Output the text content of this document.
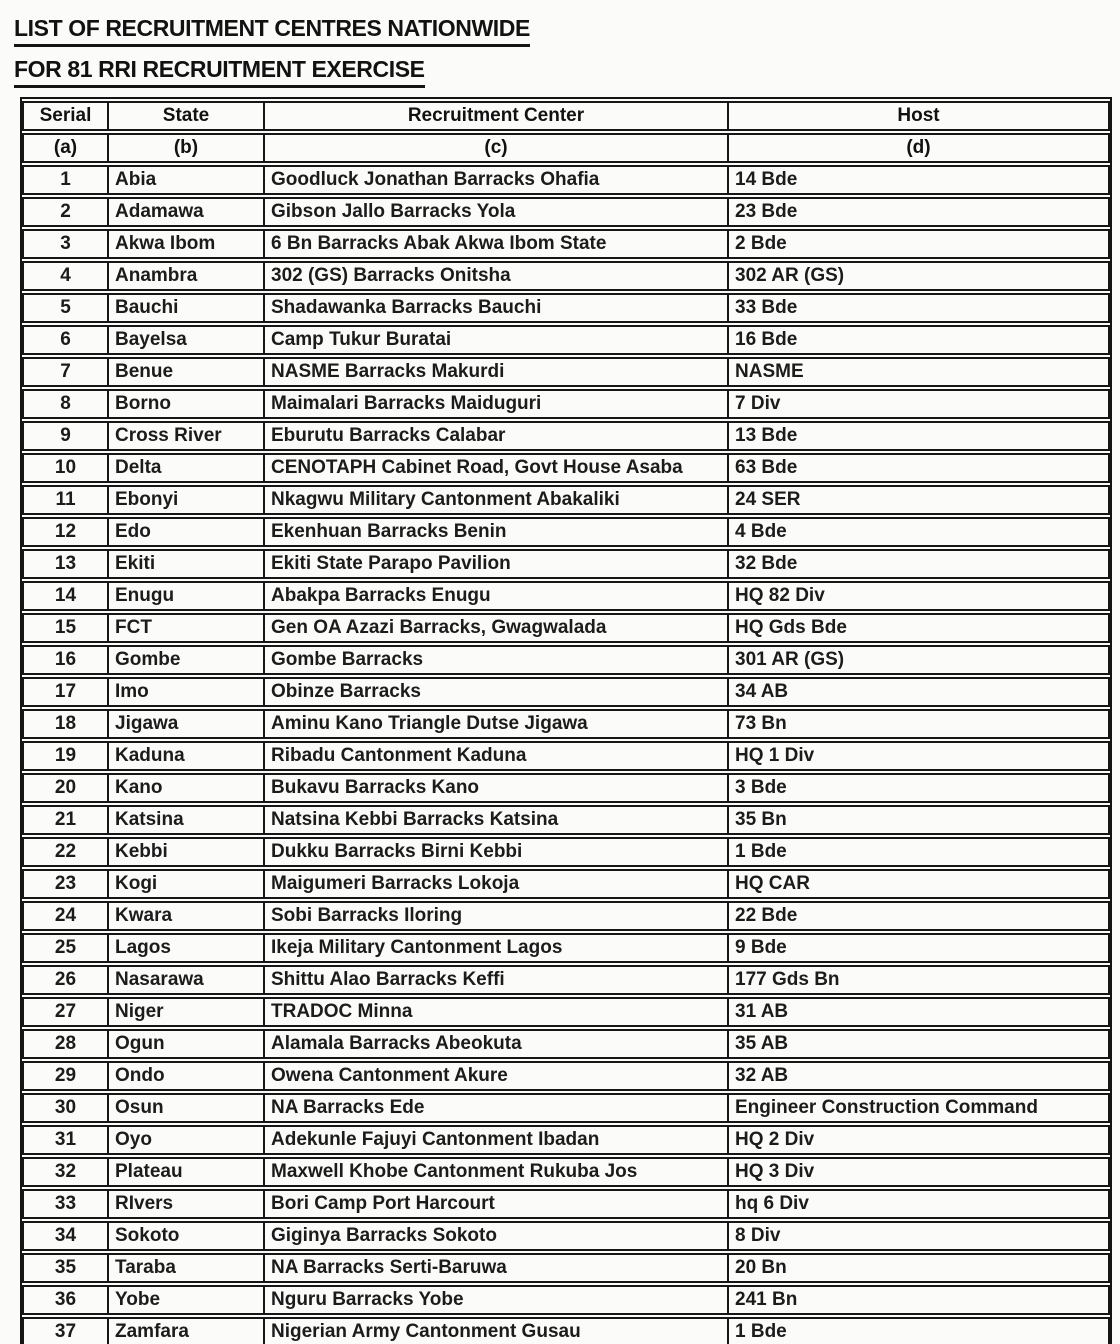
LIST OF RECRUITMENT CENTRES NATIONWIDE
FOR 81 RRI RECRUITMENT EXERCISE
Serial	State	Recruitment Center	Host
(a)	(b)	(c)	(d)
1	Abia	Goodluck Jonathan Barracks Ohafia	14 Bde
2	Adamawa	Gibson Jallo Barracks Yola	23 Bde
3	Akwa Ibom	6 Bn Barracks Abak Akwa Ibom State	2 Bde
4	Anambra	302 (GS) Barracks Onitsha	302 AR (GS)
5	Bauchi	Shadawanka Barracks Bauchi	33 Bde
6	Bayelsa	Camp Tukur Buratai	16 Bde
7	Benue	NASME Barracks Makurdi	NASME
8	Borno	Maimalari Barracks Maiduguri	7 Div
9	Cross River	Eburutu Barracks Calabar	13 Bde
10	Delta	CENOTAPH Cabinet Road, Govt House Asaba	63 Bde
11	Ebonyi	Nkagwu Military Cantonment Abakaliki	24 SER
12	Edo	Ekenhuan Barracks Benin	4 Bde
13	Ekiti	Ekiti State Parapo Pavilion	32 Bde
14	Enugu	Abakpa Barracks Enugu	HQ 82 Div
15	FCT	Gen OA Azazi Barracks, Gwagwalada	HQ Gds Bde
16	Gombe	Gombe Barracks	301 AR (GS)
17	Imo	Obinze Barracks	34 AB
18	Jigawa	Aminu Kano Triangle Dutse Jigawa	73 Bn
19	Kaduna	Ribadu Cantonment Kaduna	HQ 1 Div
20	Kano	Bukavu Barracks Kano	3 Bde
21	Katsina	Natsina Kebbi Barracks Katsina	35 Bn
22	Kebbi	Dukku Barracks Birni Kebbi	1 Bde
23	Kogi	Maigumeri Barracks Lokoja	HQ CAR
24	Kwara	Sobi Barracks Iloring	22 Bde
25	Lagos	Ikeja Military Cantonment Lagos	9 Bde
26	Nasarawa	Shittu Alao Barracks Keffi	177 Gds Bn
27	Niger	TRADOC Minna	31 AB
28	Ogun	Alamala Barracks Abeokuta	35 AB
29	Ondo	Owena Cantonment Akure	32 AB
30	Osun	NA Barracks Ede	Engineer Construction Command
31	Oyo	Adekunle Fajuyi Cantonment Ibadan	HQ 2 Div
32	Plateau	Maxwell Khobe Cantonment Rukuba Jos	HQ 3 Div
33	RIvers	Bori Camp Port Harcourt	hq 6 Div
34	Sokoto	Giginya Barracks Sokoto	8 Div
35	Taraba	NA Barracks Serti-Baruwa	20 Bn
36	Yobe	Nguru Barracks Yobe	241 Bn
37	Zamfara	Nigerian Army Cantonment Gusau	1 Bde
